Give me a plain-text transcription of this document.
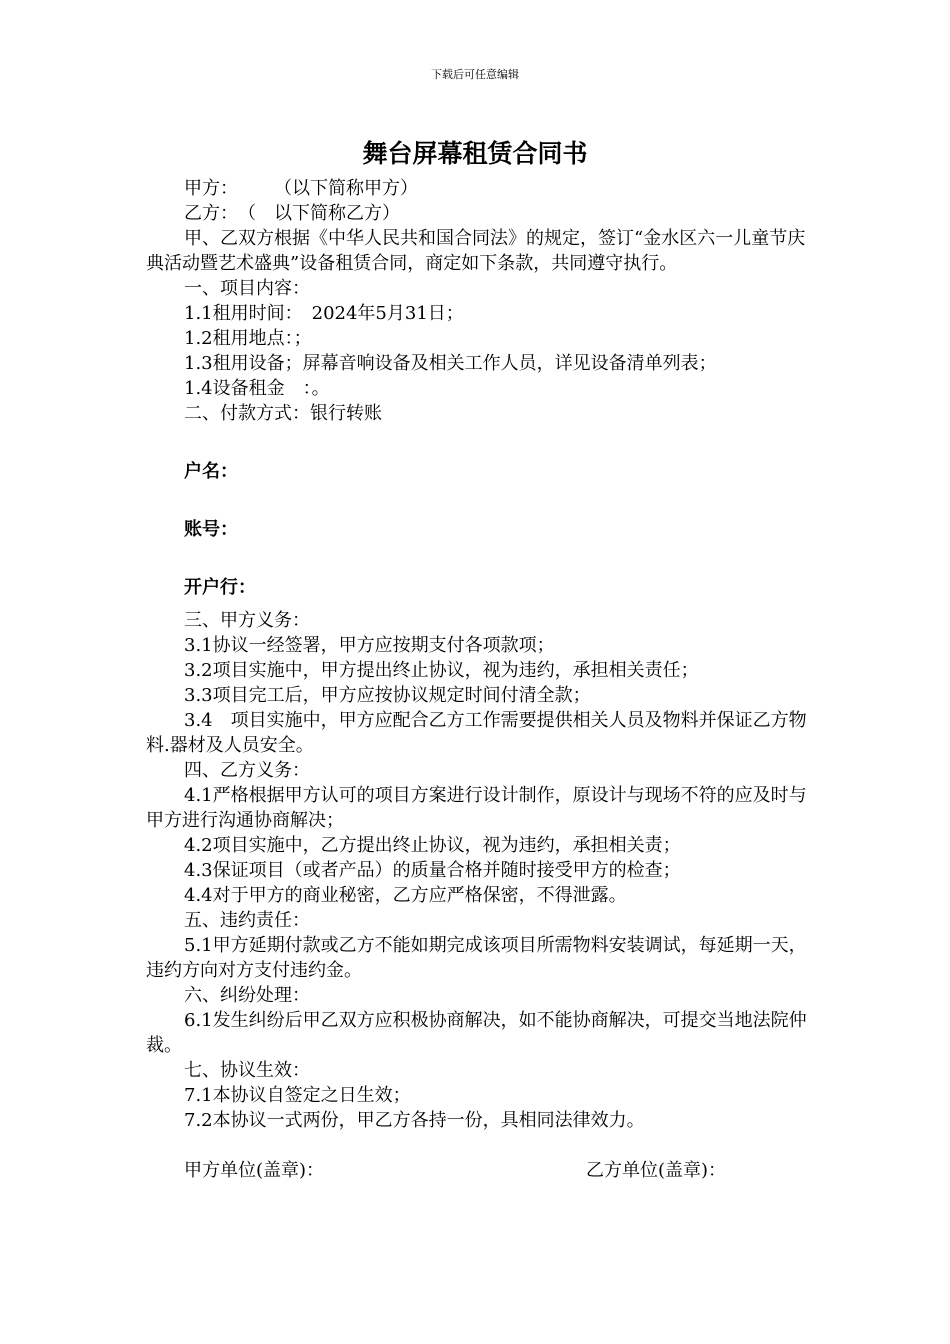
下载后可任意编辑
舞台屏幕租赁合同书

甲方：　　　（以下简称甲方）

乙方：　（　以下简称乙方）

甲、乙双方根据《中华人民共和国合同法》的规定，签订“金水区六一儿童节庆典活动暨艺术盛典”设备租赁合同，商定如下条款，共同遵守执行。

一、项目内容：

1.1租用时间：　2024年5月31日；

1.2租用地点：；

1.3租用设备；屏幕音响设备及相关工作人员，详见设备清单列表；

1.4设备租金　：。

二、付款方式：银行转账

户名：

账号：

开户行：

三、甲方义务：

3.1协议一经签署，甲方应按期支付各项款项；

3.2项目实施中，甲方提出终止协议，视为违约，承担相关责任；

3.3项目完工后，甲方应按协议规定时间付清全款；

3.4　项目实施中，甲方应配合乙方工作需要提供相关人员及物料并保证乙方物料.器材及人员安全。

四、乙方义务：

4.1严格根据甲方认可的项目方案进行设计制作，原设计与现场不符的应及时与甲方进行沟通协商解决；

4.2项目实施中，乙方提出终止协议，视为违约，承担相关责；

4.3保证项目（或者产品）的质量合格并随时接受甲方的检查；

4.4对于甲方的商业秘密，乙方应严格保密，不得泄露。

五、违约责任：

5.1甲方延期付款或乙方不能如期完成该项目所需物料安装调试，每延期一天，违约方向对方支付违约金。

六、纠纷处理：

6.1发生纠纷后甲乙双方应积极协商解决，如不能协商解决，可提交当地法院仲裁。

七、协议生效：

7.1本协议自签定之日生效；

7.2本协议一式两份，甲乙方各持一份，具相同法律效力。

甲方单位(盖章)：	乙方单位(盖章)：
